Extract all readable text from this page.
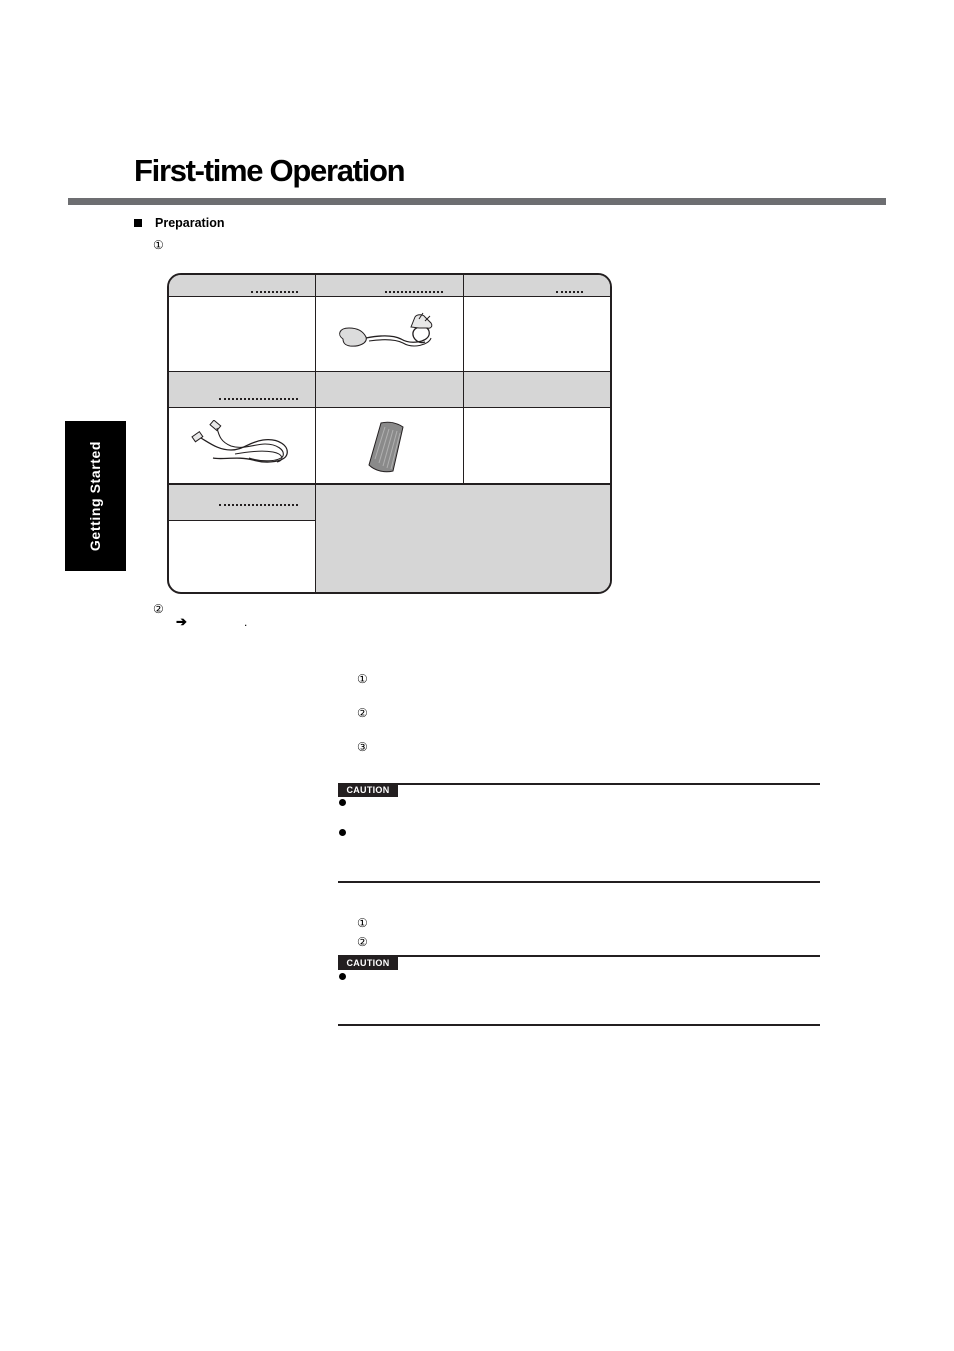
First-time Operation
Getting Started
Preparation
①
②
➔	.
①
②
③
CAUTION
①
②
CAUTION
